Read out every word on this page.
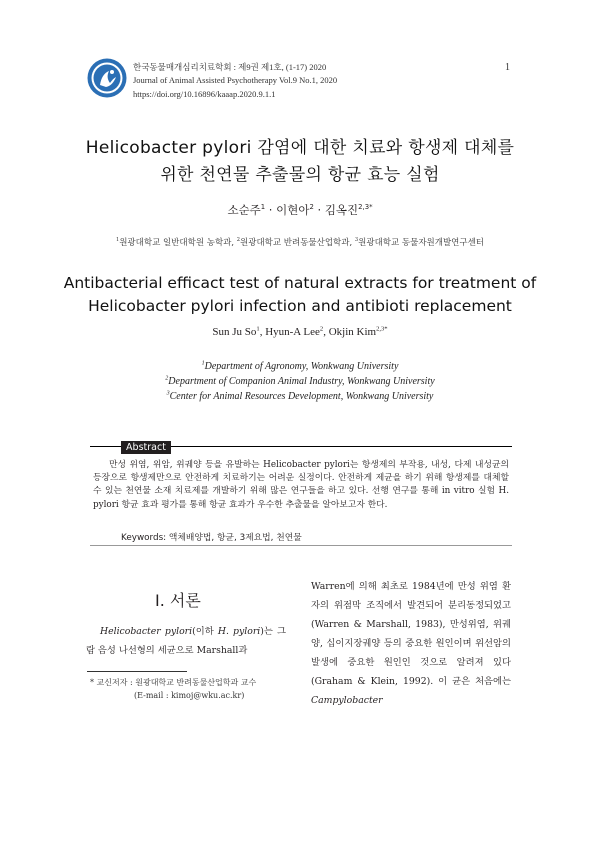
한국동물매개심리치료학회 : 제9권 제1호, (1-17) 2020
Journal of Animal Assisted Psychotherapy Vol.9 No.1, 2020
https://doi.org/10.16896/kaaap.2020.9.1.1
1
Helicobacter pylori 감염에 대한 치료와 항생제 대체를
위한 천연물 추출물의 항균 효능 실험
소순주$^1$ · 이현아$^2$ · 김옥진$^{2,3*}$
$^1$원광대학교 일반대학원 농학과, $^2$원광대학교 반려동물산업학과, $^3$원광대학교 동물자원개발연구센터
Antibacterial efficact test of natural extracts for treatment of
Helicobacter pylori infection and antibioti replacement
Sun Ju So$^1$, Hyun-A Lee$^2$, Okjin Kim$^{2,3*}$
$^1$Department of Agronomy, Wonkwang University
$^2$Department of Companion Animal Industry, Wonkwang University
$^3$Center for Animal Resources Development, Wonkwang University
Abstract
만성 위염, 위암, 위궤양 등을 유발하는 Helicobacter pylori는 항생제의 부작용, 내성, 다제 내성균의 등장으로 항생제만으로 안전하게 치료하기는 어려운 실정이다. 안전하게 제균을 하기 위해 항생제를 대체할 수 있는 천연물 소재 치료제를 개발하기 위해 많은 연구들을 하고 있다. 선행 연구를 통해 in vitro 실험 H. pylori 항균 효과 평가를 통해 항균 효과가 우수한 추출물을 알아보고자 한다.
Keywords: 액체배양법, 항균, 3제요법, 천연물
Ⅰ. 서론
Helicobacter pylori(이하 H. pylori)는 그람 음성 나선형의 세균으로 Marshall과
Warren에 의해 최초로 1984년에 만성 위염 환자의 위점막 조직에서 발견되어 분리동정되었고(Warren & Marshall, 1983), 만성위염, 위궤양, 십이지장궤양 등의 중요한 원인이며 위선암의 발생에 중요한 원인인 것으로 알려져 있다(Graham & Klein, 1992). 이 균은 처음에는 Campylobacter
* 교신저자 : 원광대학교 반려동물산업학과 교수
(E-mail : kimoj@wku.ac.kr)
